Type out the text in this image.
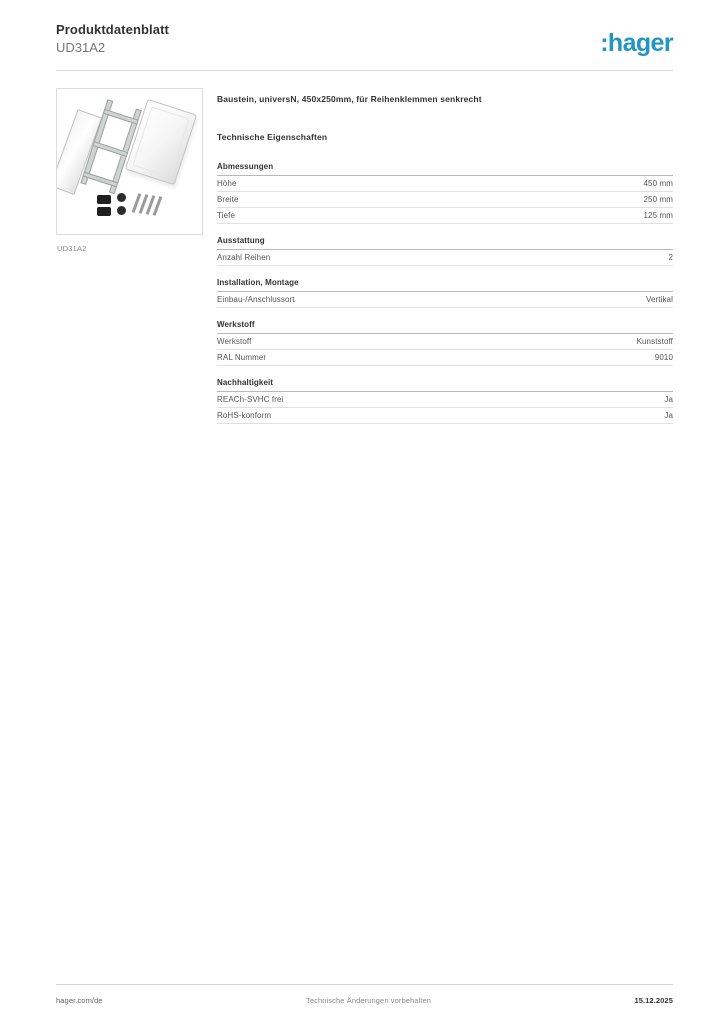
Produktdatenblatt
UD31A2	:hager
UD31A2
Baustein, universN, 450x250mm, für Reihenklemmen senkrecht
Technische Eigenschaften
Abmessungen
Höhe	450 mm
Breite	250 mm
Tiefe	125 mm
Ausstattung
Anzahl Reihen	2
Installation, Montage
Einbau-/Anschlussort	Vertikal
Werkstoff
Werkstoff	Kunststoff
RAL Nummer	9010
Nachhaltigkeit
REACh-SVHC frei	Ja
RoHS-konform	Ja
hager.com/de	Technische Änderungen vorbehalten	15.12.2025
